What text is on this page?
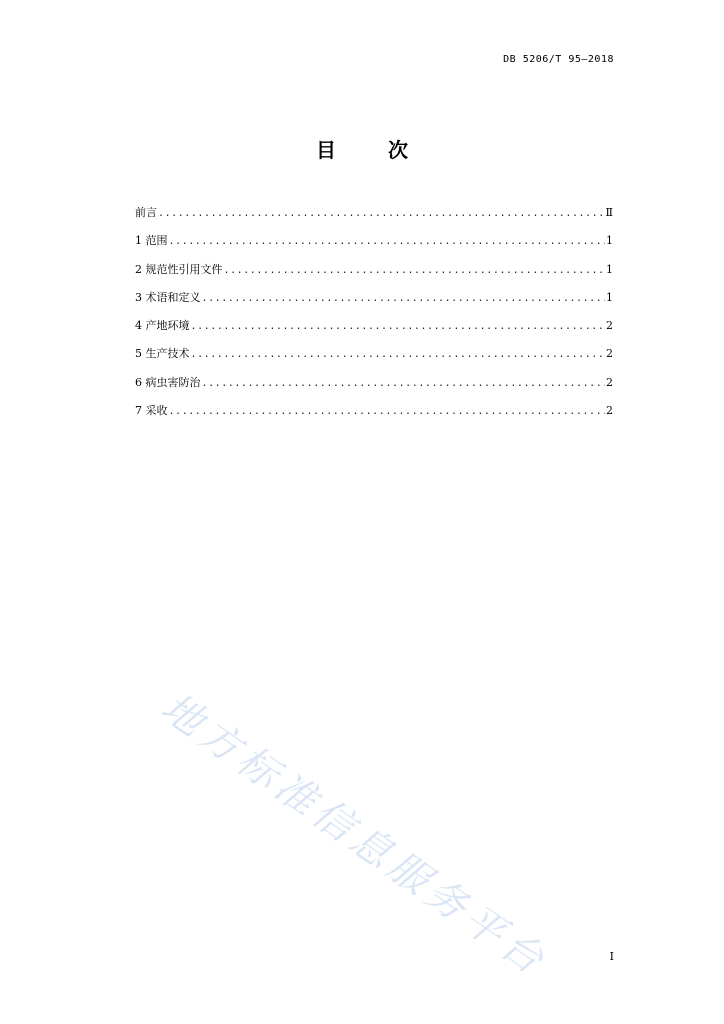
DB 5206/T 95—2018
目	次
前言 .....	Ⅱ
1 范围 .....	1
2 规范性引用文件 .....	1
3 术语和定义 .....	1
4 产地环境 .....	2
5 生产技术 .....	2
6 病虫害防治 .....	2
7 采收 .....	2
地方标准信息服务平台	I
